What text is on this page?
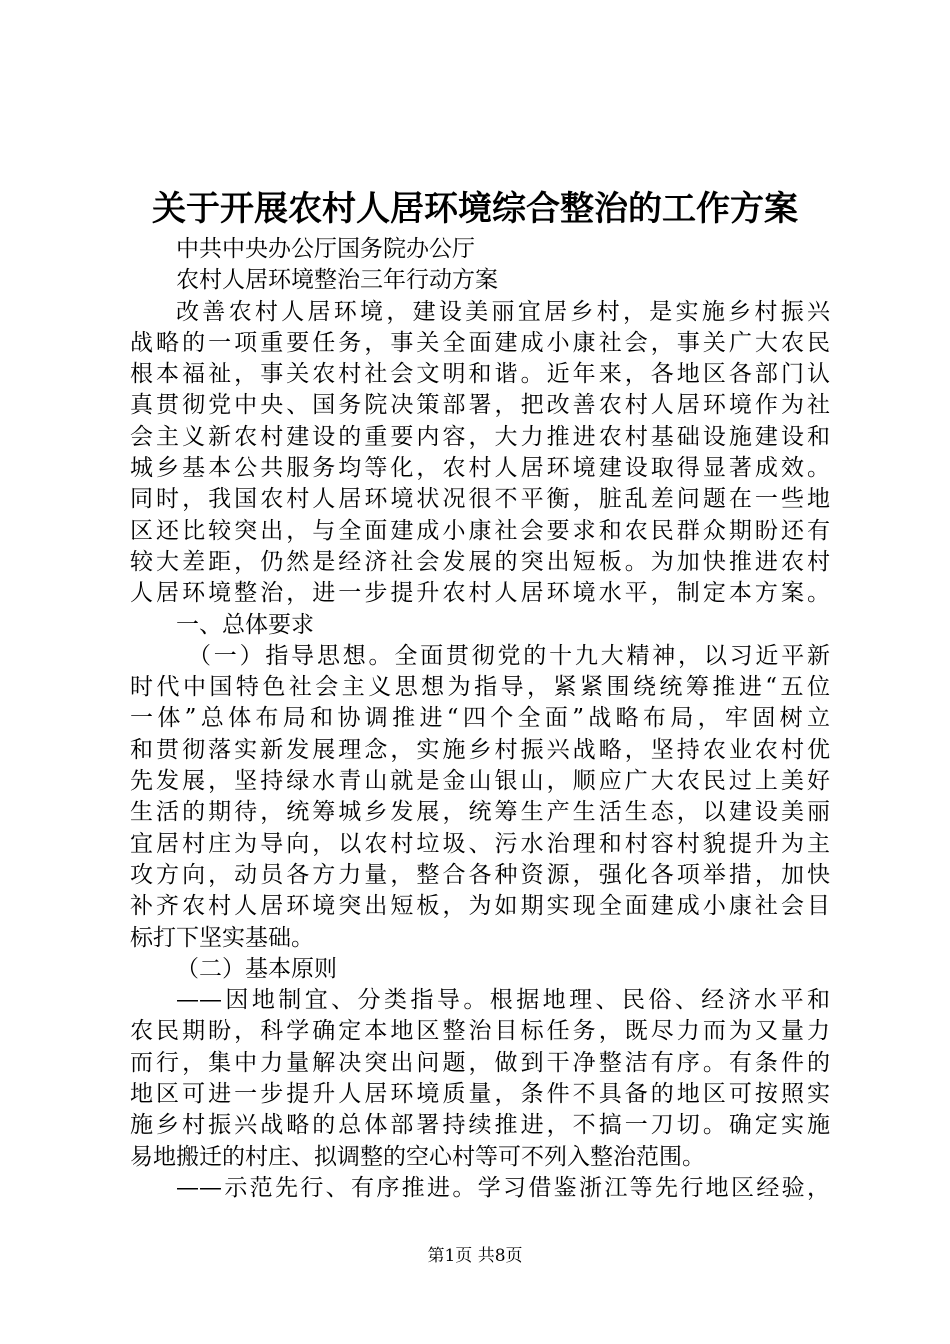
关于开展农村人居环境综合整治的工作方案

中共中央办公厅国务院办公厅

农村人居环境整治三年行动方案

改善农村人居环境，建设美丽宜居乡村，是实施乡村振兴

战略的一项重要任务，事关全面建成小康社会，事关广大农民

根本福祉，事关农村社会文明和谐。近年来，各地区各部门认

真贯彻党中央、国务院决策部署，把改善农村人居环境作为社

会主义新农村建设的重要内容，大力推进农村基础设施建设和

城乡基本公共服务均等化，农村人居环境建设取得显著成效。

同时，我国农村人居环境状况很不平衡，脏乱差问题在一些地

区还比较突出，与全面建成小康社会要求和农民群众期盼还有

较大差距，仍然是经济社会发展的突出短板。为加快推进农村

人居环境整治，进一步提升农村人居环境水平，制定本方案。

一、总体要求

（一）指导思想。全面贯彻党的十九大精神，以习近平新

时代中国特色社会主义思想为指导，紧紧围绕统筹推进“五位

一体”总体布局和协调推进“四个全面”战略布局，牢固树立

和贯彻落实新发展理念，实施乡村振兴战略，坚持农业农村优

先发展，坚持绿水青山就是金山银山，顺应广大农民过上美好

生活的期待，统筹城乡发展，统筹生产生活生态，以建设美丽

宜居村庄为导向，以农村垃圾、污水治理和村容村貌提升为主

攻方向，动员各方力量，整合各种资源，强化各项举措，加快

补齐农村人居环境突出短板，为如期实现全面建成小康社会目

标打下坚实基础。

（二）基本原则

——因地制宜、分类指导。根据地理、民俗、经济水平和

农民期盼，科学确定本地区整治目标任务，既尽力而为又量力

而行，集中力量解决突出问题，做到干净整洁有序。有条件的

地区可进一步提升人居环境质量，条件不具备的地区可按照实

施乡村振兴战略的总体部署持续推进，不搞一刀切。确定实施

易地搬迁的村庄、拟调整的空心村等可不列入整治范围。

——示范先行、有序推进。学习借鉴浙江等先行地区经验，

第1页 共8页
